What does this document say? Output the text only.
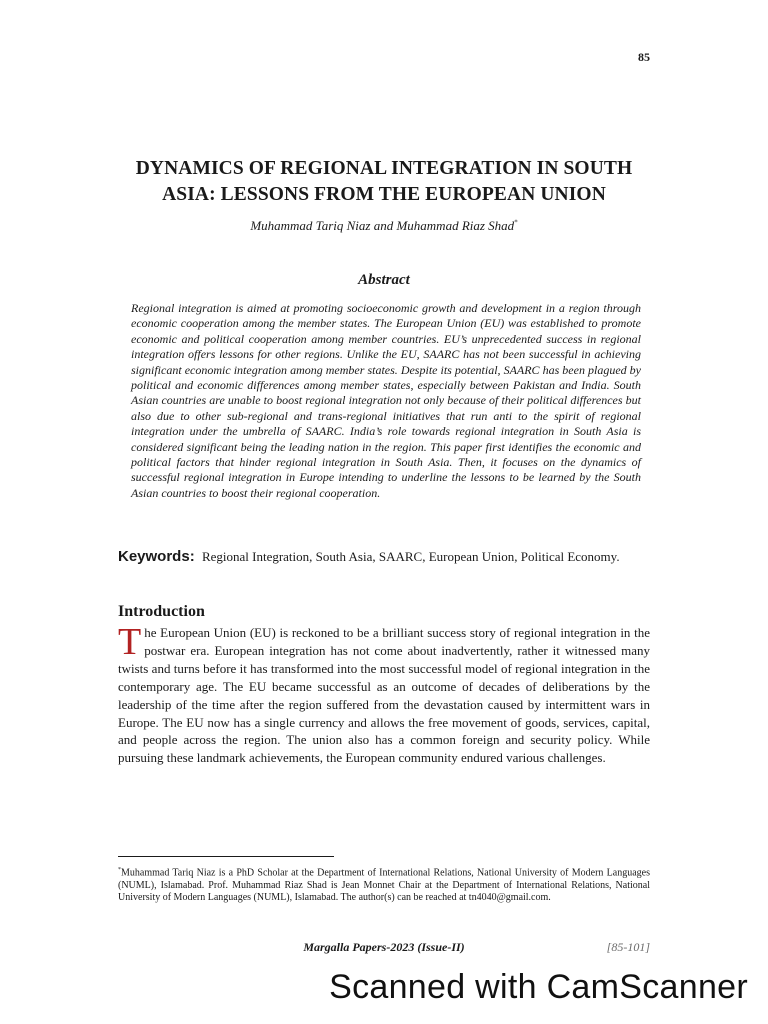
85
DYNAMICS OF REGIONAL INTEGRATION IN SOUTH ASIA: LESSONS FROM THE EUROPEAN UNION
Muhammad Tariq Niaz and Muhammad Riaz Shad*
Abstract

Regional integration is aimed at promoting socioeconomic growth and development in a region through economic cooperation among the member states. The European Union (EU) was established to promote economic and political cooperation among member countries. EU’s unprecedented success in regional integration offers lessons for other regions. Unlike the EU, SAARC has not been successful in achieving significant economic integration among member states. Despite its potential, SAARC has been plagued by political and economic differences among member states, especially between Pakistan and India. South Asian countries are unable to boost regional integration not only because of their political differences but also due to other sub-regional and trans-regional initiatives that run anti to the spirit of regional integration under the umbrella of SAARC. India’s role towards regional integration in South Asia is considered significant being the leading nation in the region. This paper first identifies the economic and political factors that hinder regional integration in South Asia. Then, it focuses on the dynamics of successful regional integration in Europe intending to underline the lessons to be learned by the South Asian countries to boost their regional cooperation.

Keywords: Regional Integration, South Asia, SAARC, European Union, Political Economy.

Introduction

The European Union (EU) is reckoned to be a brilliant success story of regional integration in the postwar era. European integration has not come about inadvertently, rather it witnessed many twists and turns before it has transformed into the most successful model of regional integration in the contemporary age. The EU became successful as an outcome of decades of deliberations by the leadership of the time after the region suffered from the devastation caused by intermittent wars in Europe. The EU now has a single currency and allows the free movement of goods, services, capital, and people across the region. The union also has a common foreign and security policy. While pursuing these landmark achievements, the European community endured various challenges.

*Muhammad Tariq Niaz is a PhD Scholar at the Department of International Relations, National University of Modern Languages (NUML), Islamabad. Prof. Muhammad Riaz Shad is Jean Monnet Chair at the Department of International Relations, National University of Modern Languages (NUML), Islamabad. The author(s) can be reached at tn4040@gmail.com.

Margalla Papers-2023 (Issue-II)	[85-101]
Scanned with CamScanner
